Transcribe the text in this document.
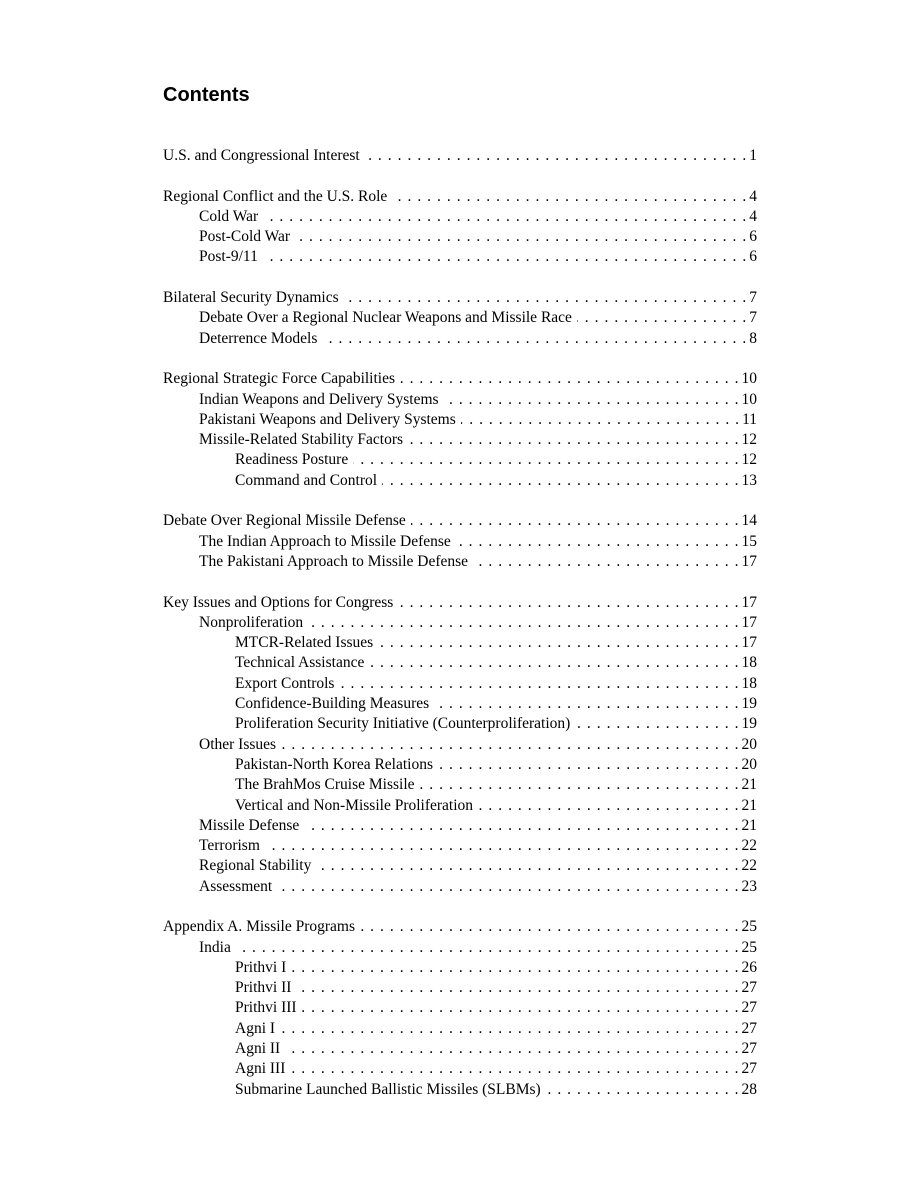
Contents
U.S. and Congressional Interest . . .	1
Regional Conflict and the U.S. Role . . .	4
Cold War . . .	4
Post-Cold War . . .	6
Post-9/11 . . .	6
Bilateral Security Dynamics . . .	7
Debate Over a Regional Nuclear Weapons and Missile Race . . .	7
Deterrence Models . . .	8
Regional Strategic Force Capabilities . . .	10
Indian Weapons and Delivery Systems . . .	10
Pakistani Weapons and Delivery Systems . . .	11
Missile-Related Stability Factors . . .	12
Readiness Posture . . .	12
Command and Control . . .	13
Debate Over Regional Missile Defense . . .	14
The Indian Approach to Missile Defense . . .	15
The Pakistani Approach to Missile Defense . . .	17
Key Issues and Options for Congress . . .	17
Nonproliferation . . .	17
MTCR-Related Issues . . .	17
Technical Assistance . . .	18
Export Controls . . .	18
Confidence-Building Measures . . .	19
Proliferation Security Initiative (Counterproliferation) . . .	19
Other Issues . . .	20
Pakistan-North Korea Relations . . .	20
The BrahMos Cruise Missile . . .	21
Vertical and Non-Missile Proliferation . . .	21
Missile Defense . . .	21
Terrorism . . .	22
Regional Stability . . .	22
Assessment . . .	23
Appendix A. Missile Programs . . .	25
India . . .	25
Prithvi I . . .	26
Prithvi II . . .	27
Prithvi III . . .	27
Agni I . . .	27
Agni II . . .	27
Agni III . . .	27
Submarine Launched Ballistic Missiles (SLBMs) . . .	28
